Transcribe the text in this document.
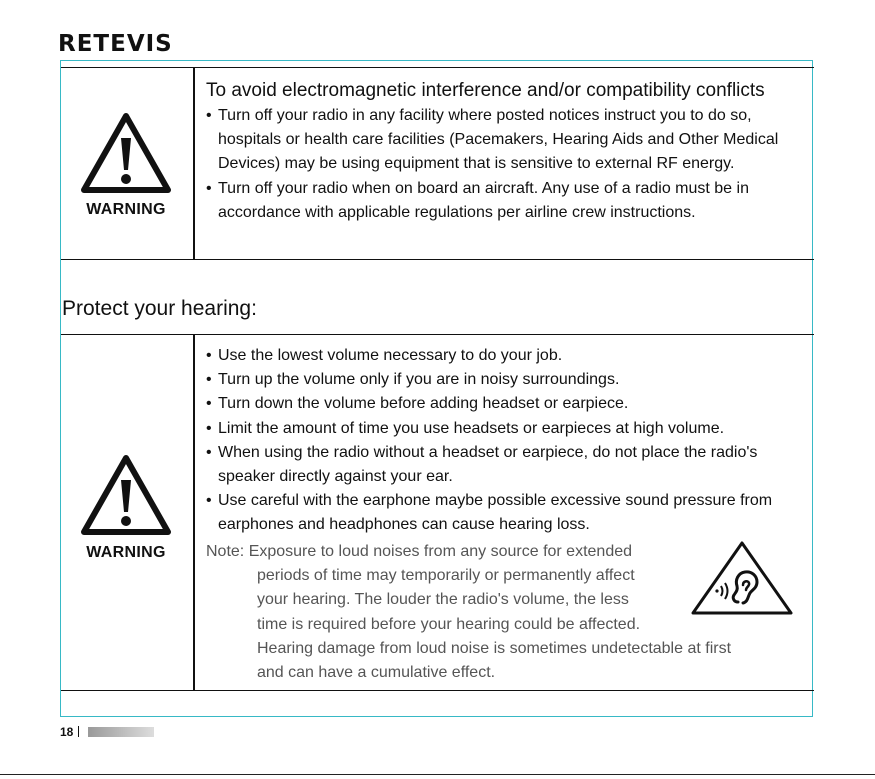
RETEVIS
WARNING
To avoid electromagnetic interference and/or compatibility conflicts
• Turn off your radio in any facility where posted notices instruct you to do so, hospitals or health care facilities (Pacemakers, Hearing Aids and Other Medical Devices) may be using equipment that is sensitive to external RF energy.
• Turn off your radio when on board an aircraft. Any use of a radio must be in accordance with applicable regulations per airline crew instructions.
Protect your hearing:
WARNING
• Use the lowest volume necessary to do your job.
• Turn up the volume only if you are in noisy surroundings.
• Turn down the volume before adding headset or earpiece.
• Limit the amount of time you use headsets or earpieces at high volume.
• When using the radio without a headset or earpiece, do not place the radio's speaker directly against your ear.
• Use careful with the earphone maybe possible excessive sound pressure from earphones and headphones can cause hearing loss.
Note: Exposure to loud noises from any source for extended
periods of time may temporarily or permanently affect
your hearing. The louder the radio's volume, the less
time is required before your hearing could be affected.
Hearing damage from loud noise is sometimes undetectable at first
and can have a cumulative effect.
18
